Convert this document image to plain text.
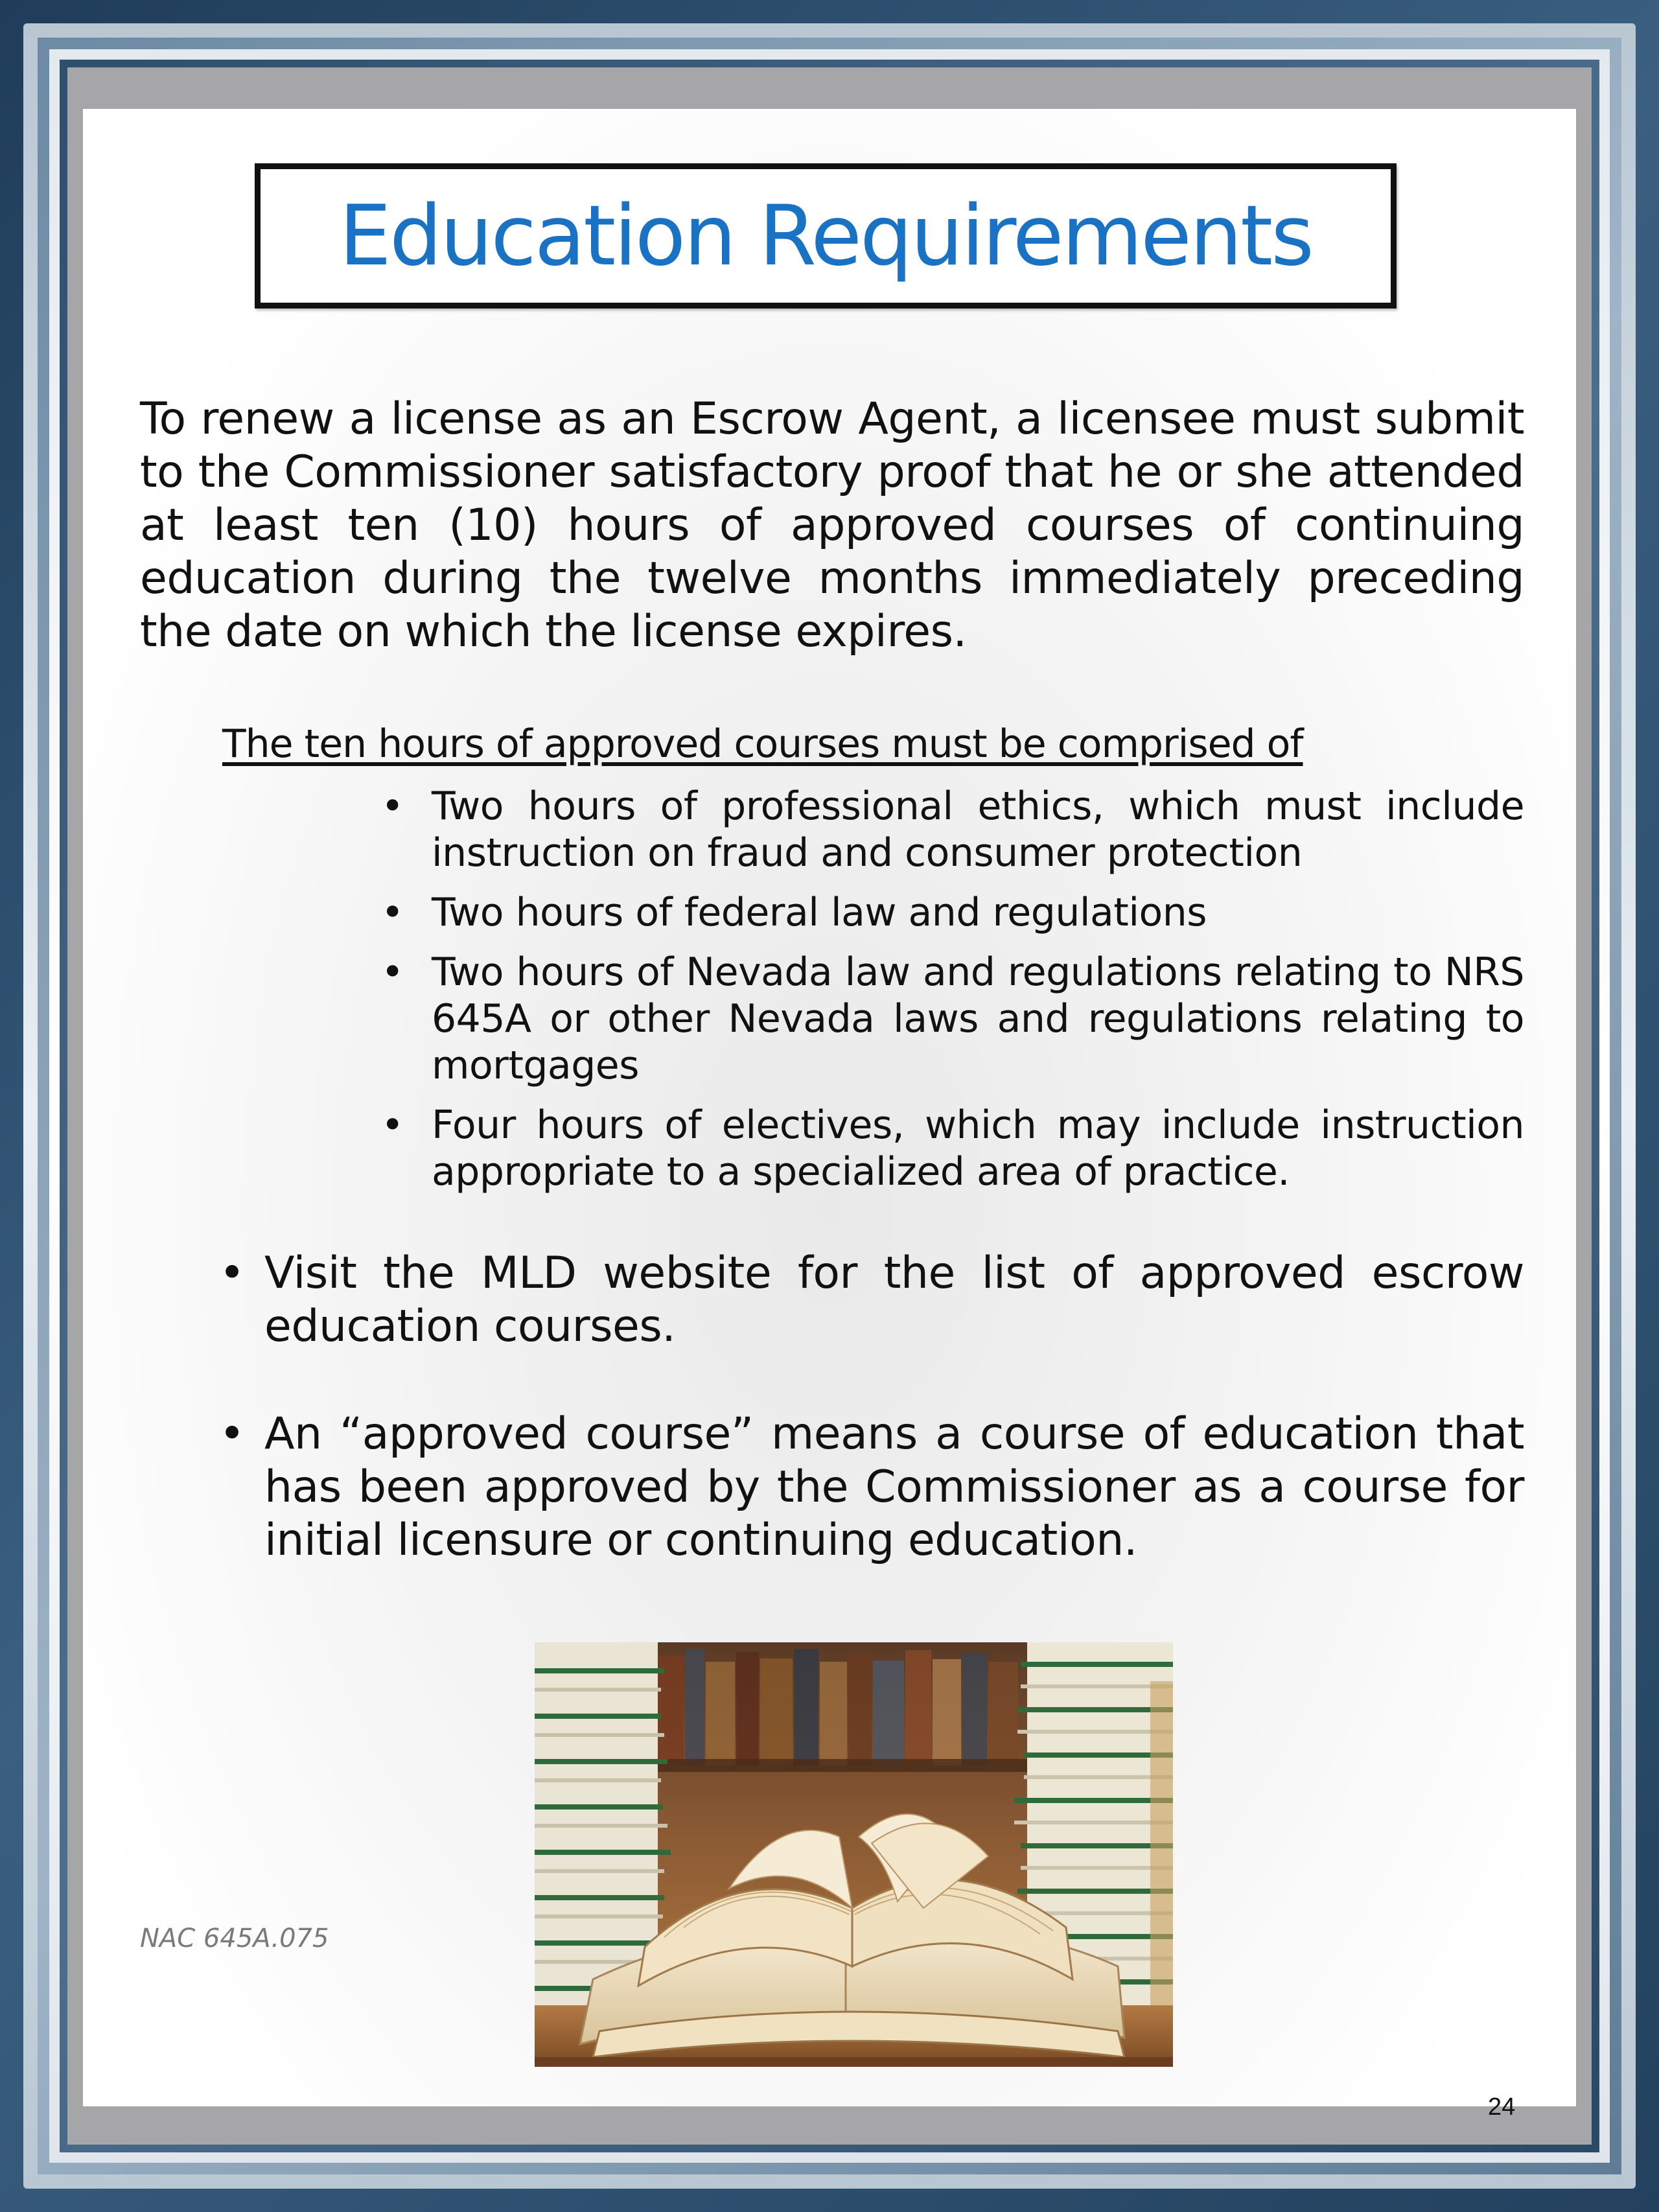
Education Requirements
To renew a license as an Escrow Agent, a licensee must submit to the Commissioner satisfactory proof that he or she attended at least ten (10) hours of approved courses of continuing education during the twelve months immediately preceding the date on which the license expires.
The ten hours of approved courses must be comprised of
• Two hours of professional ethics, which must include instruction on fraud and consumer protection
• Two hours of federal law and regulations
• Two hours of Nevada law and regulations relating to NRS 645A or other Nevada laws and regulations relating to mortgages
• Four hours of electives, which may include instruction appropriate to a specialized area of practice.
• Visit the MLD website for the list of approved escrow education courses.
• An “approved course” means a course of education that has been approved by the Commissioner as a course for initial licensure or continuing education.
NAC 645A.075
24
